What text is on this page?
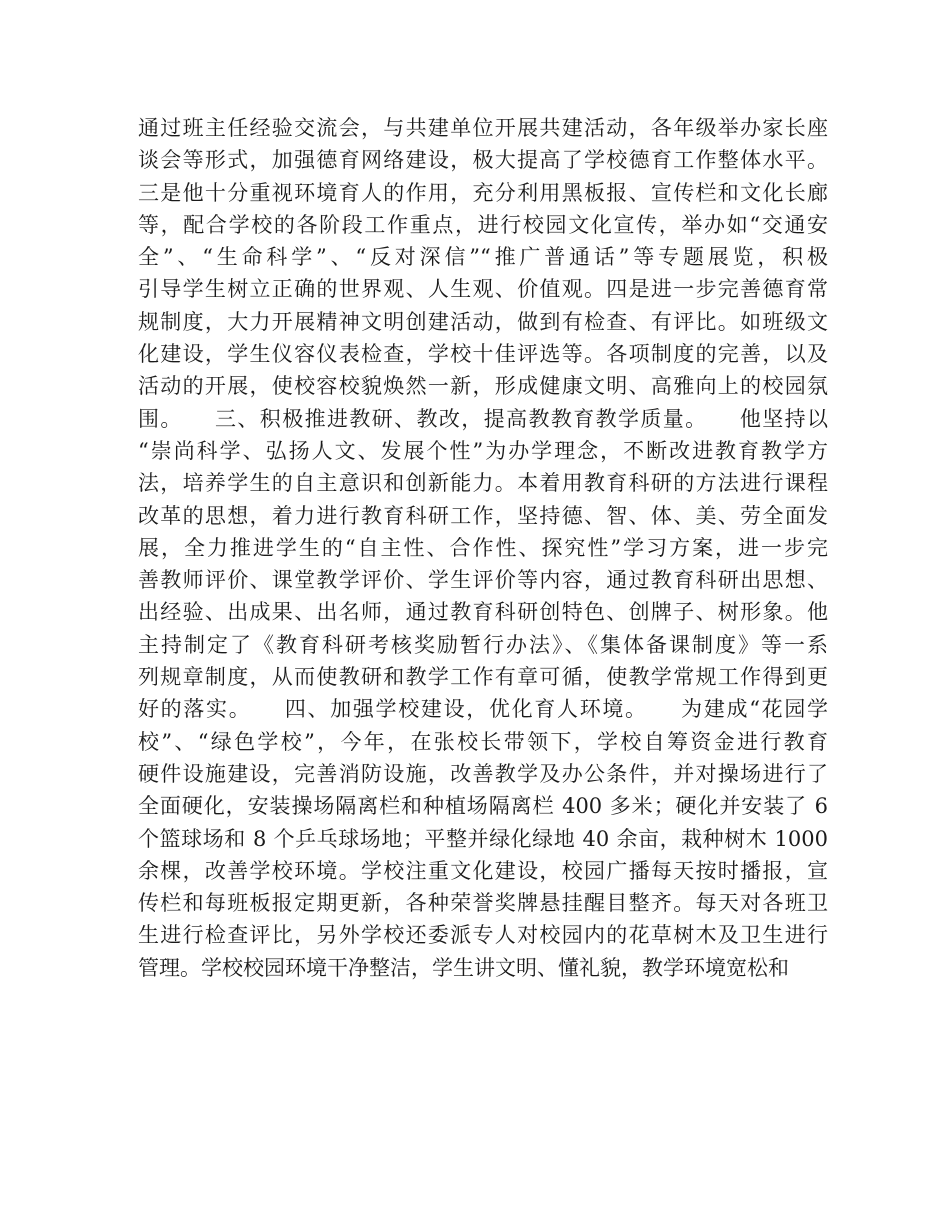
通过班主任经验交流会，与共建单位开展共建活动，各年级举办家长座
谈会等形式，加强德育网络建设，极大提高了学校德育工作整体水平。
三是他十分重视环境育人的作用，充分利用黑板报、宣传栏和文化长廊
等，配合学校的各阶段工作重点，进行校园文化宣传，举办如“交通安
全”、“生命科学”、“反对深信”“推广普通话”等专题展览，积极
引导学生树立正确的世界观、人生观、价值观。四是进一步完善德育常
规制度，大力开展精神文明创建活动，做到有检查、有评比。如班级文
化建设，学生仪容仪表检查，学校十佳评选等。各项制度的完善，以及
活动的开展，使校容校貌焕然一新，形成健康文明、高雅向上的校园氛
围。    三、积极推进教研、教改，提高教教育教学质量。    他坚持以
“崇尚科学、弘扬人文、发展个性”为办学理念，不断改进教育教学方
法，培养学生的自主意识和创新能力。本着用教育科研的方法进行课程
改革的思想，着力进行教育科研工作，坚持德、智、体、美、劳全面发
展，全力推进学生的“自主性、合作性、探究性”学习方案，进一步完
善教师评价、课堂教学评价、学生评价等内容，通过教育科研出思想、
出经验、出成果、出名师，通过教育科研创特色、创牌子、树形象。他
主持制定了《教育科研考核奖励暂行办法》、《集体备课制度》等一系
列规章制度，从而使教研和教学工作有章可循，使教学常规工作得到更
好的落实。    四、加强学校建设，优化育人环境。    为建成“花园学
校”、“绿色学校”，今年，在张校长带领下，学校自筹资金进行教育
硬件设施建设，完善消防设施，改善教学及办公条件，并对操场进行了
全面硬化，安装操场隔离栏和种植场隔离栏 400 多米；硬化并安装了 6
个篮球场和 8 个乒乓球场地；平整并绿化绿地 40 余亩，栽种树木 1000
余棵，改善学校环境。学校注重文化建设，校园广播每天按时播报，宣
传栏和每班板报定期更新，各种荣誉奖牌悬挂醒目整齐。每天对各班卫
生进行检查评比，另外学校还委派专人对校园内的花草树木及卫生进行
管理。学校校园环境干净整洁，学生讲文明、懂礼貌，教学环境宽松和
